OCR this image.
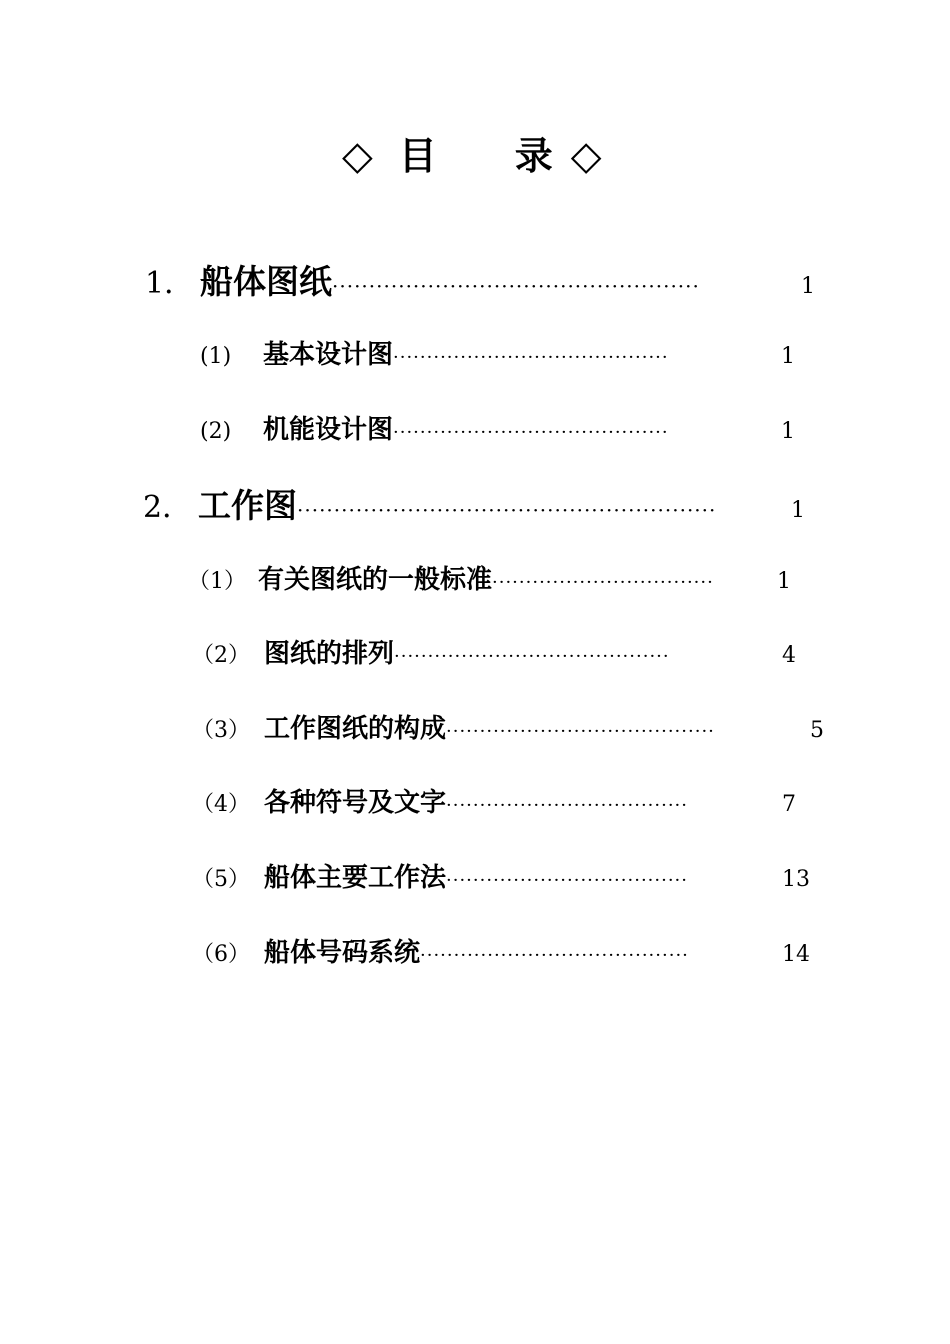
◇ 目 录 ◇
1． 船体图纸 ··················································	1
(1)	基本设计图 ·········································	1
(2)	机能设计图 ·········································	1
2． 工作图 ·························································	1
（1） 有关图纸的一般标准 ·································	1
（2） 图纸的排列 ·········································	4
（3） 工作图纸的构成 ········································	5
（4） 各种符号及文字 ····································	7
（5） 船体主要工作法 ····································	13
（6） 船体号码系统 ········································	14
